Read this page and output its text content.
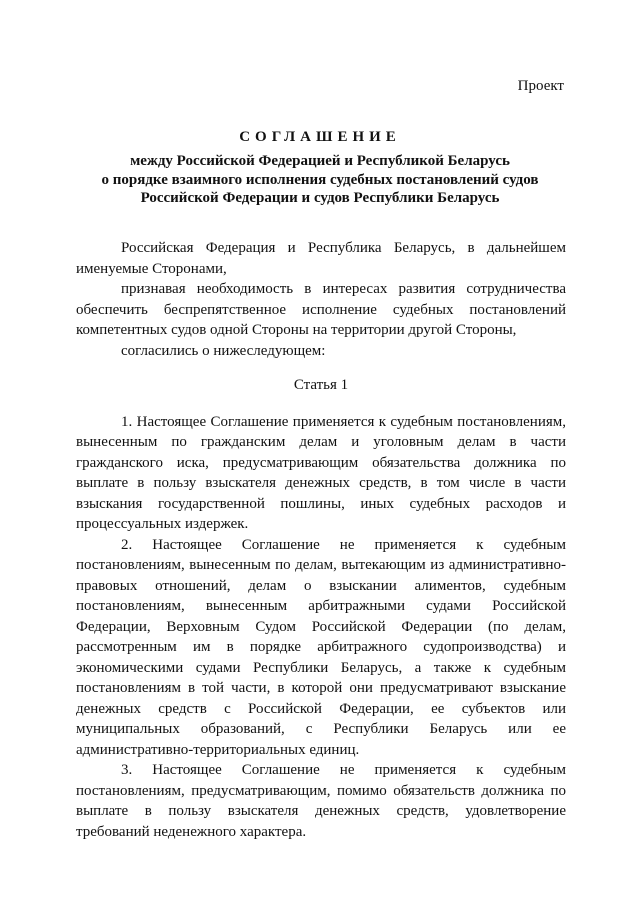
Проект
СОГЛАШЕНИЕ
между Российской Федерацией и Республикой Беларусь
о порядке взаимного исполнения судебных постановлений судов
Российской Федерации и судов Республики Беларусь

Российская Федерация и Республика Беларусь, в дальнейшем именуемые Сторонами,

признавая необходимость в интересах развития сотрудничества обеспечить беспрепятственное исполнение судебных постановлений компетентных судов одной Стороны на территории другой Стороны,

согласились о нижеследующем:

Статья 1

1. Настоящее Соглашение применяется к судебным постановлениям, вынесенным по гражданским делам и уголовным делам в части гражданского иска, предусматривающим обязательства должника по выплате в пользу взыскателя денежных средств, в том числе в части взыскания государственной пошлины, иных судебных расходов и процессуальных издержек.

2. Настоящее Соглашение не применяется к судебным постановлениям, вынесенным по делам, вытекающим из административно-правовых отношений, делам о взыскании алиментов, судебным постановлениям, вынесенным арбитражными судами Российской Федерации, Верховным Судом Российской Федерации (по делам, рассмотренным им в порядке арбитражного судопроизводства) и экономическими судами Республики Беларусь, а также к судебным постановлениям в той части, в которой они предусматривают взыскание денежных средств с Российской Федерации, ее субъектов или муниципальных образований, с Республики Беларусь или ее административно-территориальных единиц.

3. Настоящее Соглашение не применяется к судебным постановлениям, предусматривающим, помимо обязательств должника по выплате в пользу взыскателя денежных средств, удовлетворение требований неденежного характера.
